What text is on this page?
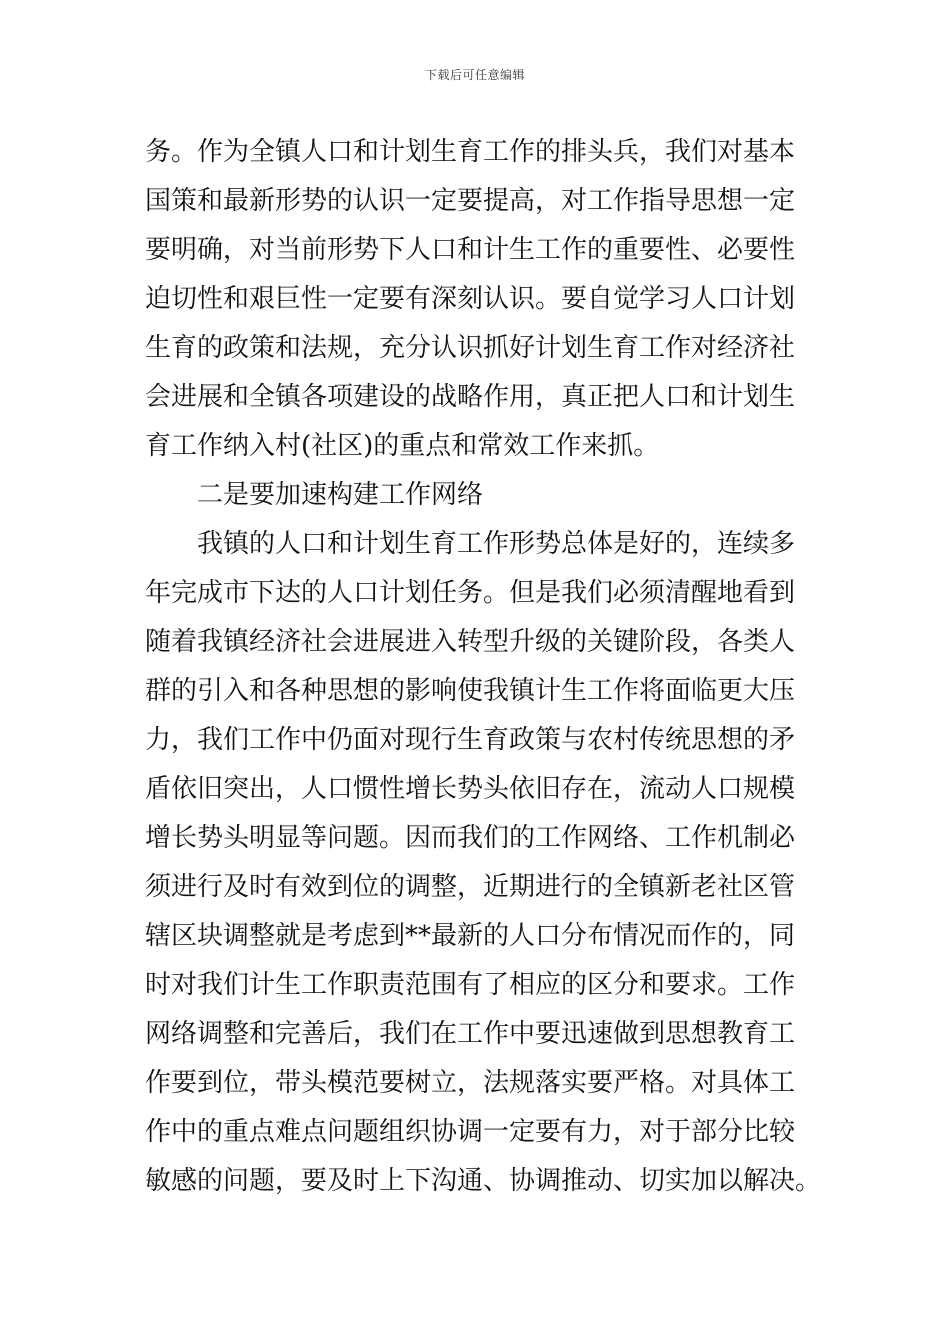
下载后可任意编辑
务。作为全镇人口和计划生育工作的排头兵，我们对基本
国策和最新形势的认识一定要提高，对工作指导思想一定
要明确，对当前形势下人口和计生工作的重要性、必要性
迫切性和艰巨性一定要有深刻认识。要自觉学习人口计划
生育的政策和法规，充分认识抓好计划生育工作对经济社
会进展和全镇各项建设的战略作用，真正把人口和计划生
育工作纳入村(社区)的重点和常效工作来抓。
　　二是要加速构建工作网络
　　我镇的人口和计划生育工作形势总体是好的，连续多
年完成市下达的人口计划任务。但是我们必须清醒地看到
随着我镇经济社会进展进入转型升级的关键阶段，各类人
群的引入和各种思想的影响使我镇计生工作将面临更大压
力，我们工作中仍面对现行生育政策与农村传统思想的矛
盾依旧突出，人口惯性增长势头依旧存在，流动人口规模
增长势头明显等问题。因而我们的工作网络、工作机制必
须进行及时有效到位的调整，近期进行的全镇新老社区管
辖区块调整就是考虑到**最新的人口分布情况而作的，同
时对我们计生工作职责范围有了相应的区分和要求。工作
网络调整和完善后，我们在工作中要迅速做到思想教育工
作要到位，带头模范要树立，法规落实要严格。对具体工
作中的重点难点问题组织协调一定要有力，对于部分比较
敏感的问题，要及时上下沟通、协调推动、切实加以解决。
